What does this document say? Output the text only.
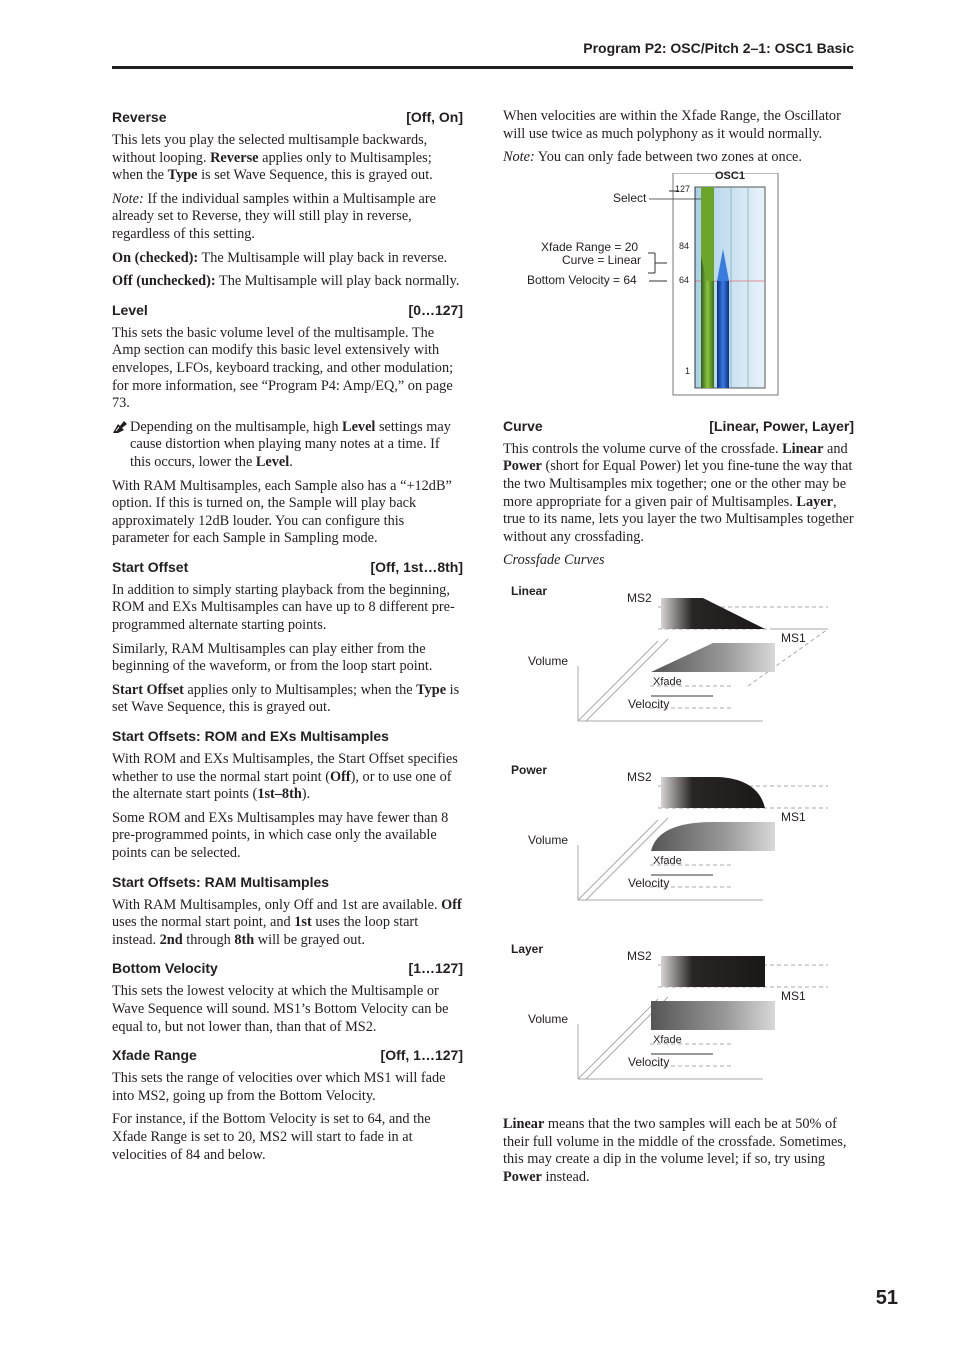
Program P2: OSC/Pitch 2–1: OSC1 Basic
Reverse	[Off, On]

This lets you play the selected multisample backwards, without looping. Reverse applies only to Multisamples; when the Type is set Wave Sequence, this is grayed out.

Note: If the individual samples within a Multisample are already set to Reverse, they will still play in reverse, regardless of this setting.

On (checked): The Multisample will play back in reverse.

Off (unchecked): The Multisample will play back normally.

Level	[0…127]

This sets the basic volume level of the multisample. The Amp section can modify this basic level extensively with envelopes, LFOs, keyboard tracking, and other modulation; for more information, see “Program P4: Amp/EQ,” on page 73.

Depending on the multisample, high Level settings may cause distortion when playing many notes at a time. If this occurs, lower the Level.

With RAM Multisamples, each Sample also has a “+12dB” option. If this is turned on, the Sample will play back approximately 12dB louder. You can configure this parameter for each Sample in Sampling mode.

Start Offset	[Off, 1st…8th]

In addition to simply starting playback from the beginning, ROM and EXs Multisamples can have up to 8 different pre-programmed alternate starting points.

Similarly, RAM Multisamples can play either from the beginning of the waveform, or from the loop start point.

Start Offset applies only to Multisamples; when the Type is set Wave Sequence, this is grayed out.

Start Offsets: ROM and EXs Multisamples

With ROM and EXs Multisamples, the Start Offset specifies whether to use the normal start point (Off), or to use one of the alternate start points (1st–8th).

Some ROM and EXs Multisamples may have fewer than 8 pre-programmed points, in which case only the available points can be selected.

Start Offsets: RAM Multisamples

With RAM Multisamples, only Off and 1st are available. Off uses the normal start point, and 1st uses the loop start instead. 2nd through 8th will be grayed out.

Bottom Velocity	[1…127]

This sets the lowest velocity at which the Multisample or Wave Sequence will sound. MS1’s Bottom Velocity can be equal to, but not lower than, than that of MS2.

Xfade Range	[Off, 1…127]

This sets the range of velocities over which MS1 will fade into MS2, going up from the Bottom Velocity.

For instance, if the Bottom Velocity is set to 64, and the Xfade Range is set to 20, MS2 will start to fade in at velocities of 84 and below.

When velocities are within the Xfade Range, the Oscillator will use twice as much polyphony as it would normally.

Note: You can only fade between two zones at once.

OSC1
Select
Xfade Range = 20
Curve = Linear
Bottom Velocity = 64
127
84
64
1
Curve	[Linear, Power, Layer]

This controls the volume curve of the crossfade. Linear and Power (short for Equal Power) let you fine-tune the way that the two Multisamples mix together; one or the other may be more appropriate for a given pair of Multisamples. Layer, true to its name, lets you layer the two Multisamples together without any crossfading.

Crossfade Curves

Linear	MS2
MS1
Volume
Xfade
Velocity
Power	MS2
MS1
Volume
Xfade
Velocity
Layer	MS2
MS1
Volume
Xfade
Velocity

Linear means that the two samples will each be at 50% of their full volume in the middle of the crossfade. Sometimes, this may create a dip in the volume level; if so, try using Power instead.

51
